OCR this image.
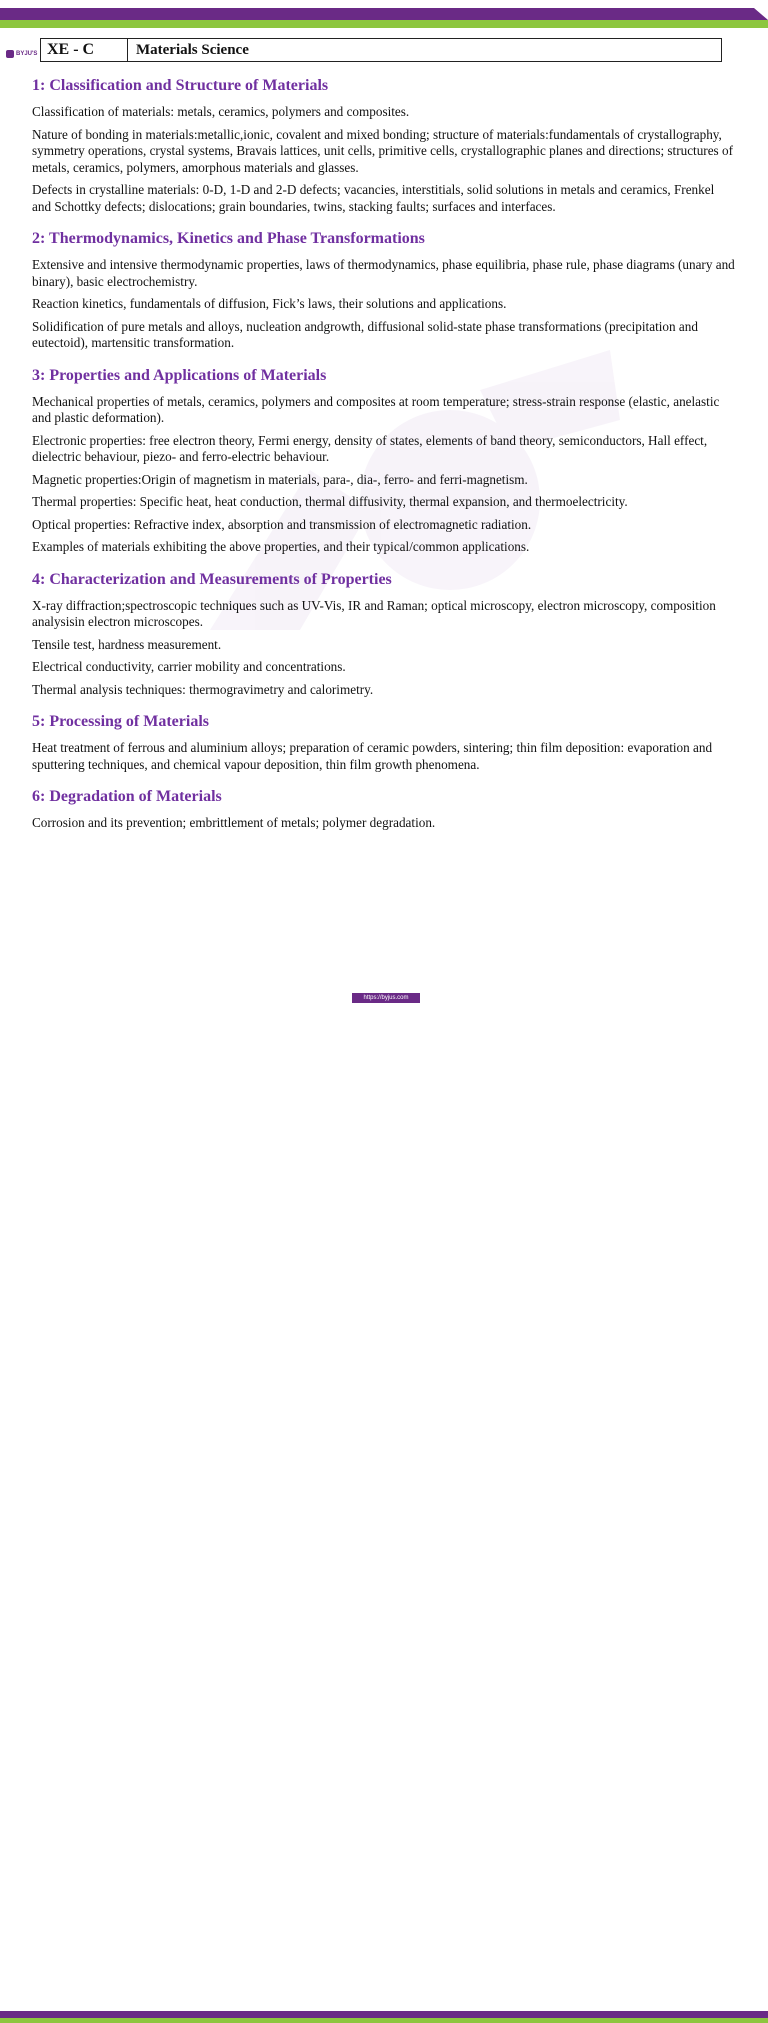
BYJU'S XE - C	Materials Science
1: Classification and Structure of Materials

Classification of materials: metals, ceramics, polymers and composites.

Nature of bonding in materials:metallic,ionic, covalent and mixed bonding; structure of materials:fundamentals of crystallography, symmetry operations, crystal systems, Bravais lattices, unit cells, primitive cells, crystallographic planes and directions; structures of metals, ceramics, polymers, amorphous materials and glasses.

Defects in crystalline materials: 0-D, 1-D and 2-D defects; vacancies, interstitials, solid solutions in metals and ceramics, Frenkel and Schottky defects; dislocations; grain boundaries, twins, stacking faults; surfaces and interfaces.

2: Thermodynamics, Kinetics and Phase Transformations

Extensive and intensive thermodynamic properties, laws of thermodynamics, phase equilibria, phase rule, phase diagrams (unary and binary), basic electrochemistry.

Reaction kinetics, fundamentals of diffusion, Fick’s laws, their solutions and applications.

Solidification of pure metals and alloys, nucleation andgrowth, diffusional solid-state phase transformations (precipitation and eutectoid), martensitic transformation.

3: Properties and Applications of Materials

Mechanical properties of metals, ceramics, polymers and composites at room temperature; stress-strain response (elastic, anelastic and plastic deformation).

Electronic properties: free electron theory, Fermi energy, density of states, elements of band theory, semiconductors, Hall effect, dielectric behaviour, piezo- and ferro-electric behaviour.

Magnetic properties:Origin of magnetism in materials, para-, dia-, ferro- and ferri-magnetism.

Thermal properties: Specific heat, heat conduction, thermal diffusivity, thermal expansion, and thermoelectricity.

Optical properties: Refractive index, absorption and transmission of electromagnetic radiation.

Examples of materials exhibiting the above properties, and their typical/common applications.

4: Characterization and Measurements of Properties

X-ray diffraction;spectroscopic techniques such as UV-Vis, IR and Raman; optical microscopy, electron microscopy, composition analysisin electron microscopes.

Tensile test, hardness measurement.

Electrical conductivity, carrier mobility and concentrations.

Thermal analysis techniques: thermogravimetry and calorimetry.

5: Processing of Materials

Heat treatment of ferrous and aluminium alloys; preparation of ceramic powders, sintering; thin film deposition: evaporation and sputtering techniques, and chemical vapour deposition, thin film growth phenomena.

6: Degradation of Materials

Corrosion and its prevention; embrittlement of metals; polymer degradation.

https://byjus.com
